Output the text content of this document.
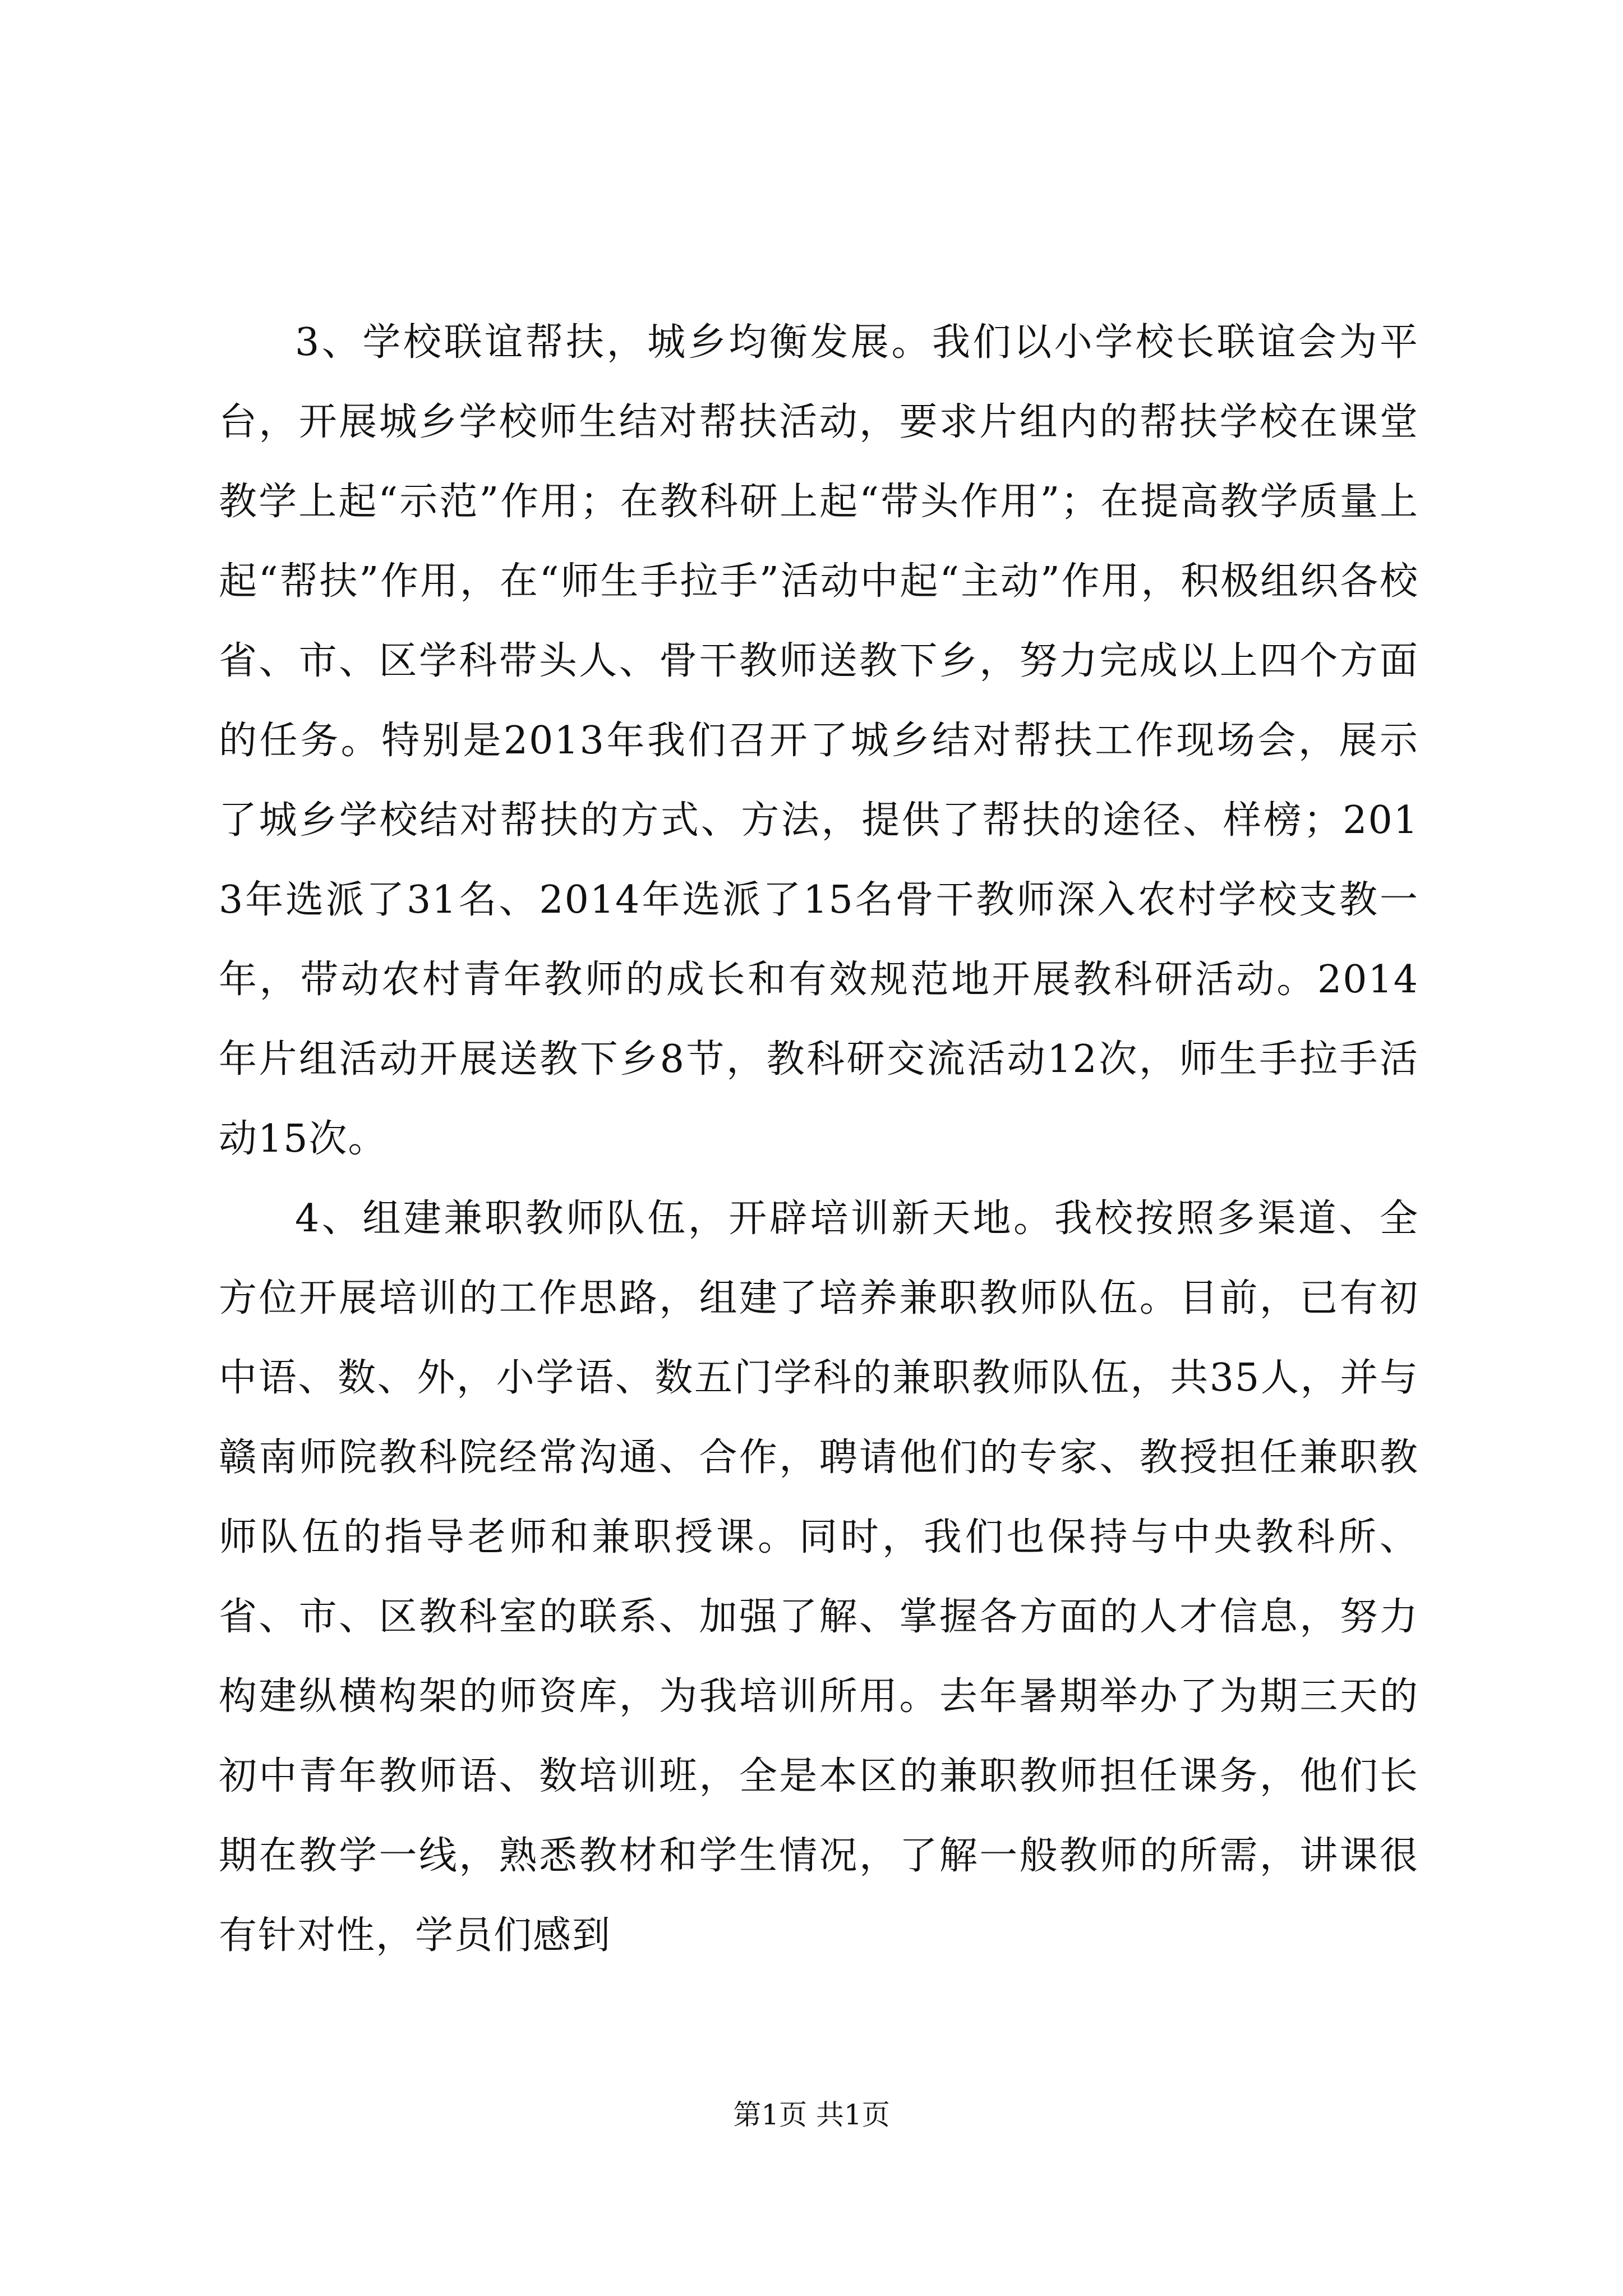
3、学校联谊帮扶，城乡均衡发展。我们以小学校长联谊会为平台，开展城乡学校师生结对帮扶活动，要求片组内的帮扶学校在课堂教学上起“示范”作用；在教科研上起“带头作用”；在提高教学质量上起“帮扶”作用，在“师生手拉手”活动中起“主动”作用，积极组织各校省、市、区学科带头人、骨干教师送教下乡，努力完成以上四个方面的任务。特别是2013年我们召开了城乡结对帮扶工作现场会，展示了城乡学校结对帮扶的方式、方法，提供了帮扶的途径、样榜；2013年选派了31名、2014年选派了15名骨干教师深入农村学校支教一年，带动农村青年教师的成长和有效规范地开展教科研活动。2014年片组活动开展送教下乡8节，教科研交流活动12次，师生手拉手活动15次。

4、组建兼职教师队伍，开辟培训新天地。我校按照多渠道、全方位开展培训的工作思路，组建了培养兼职教师队伍。目前，已有初中语、数、外，小学语、数五门学科的兼职教师队伍，共35人，并与赣南师院教科院经常沟通、合作，聘请他们的专家、教授担任兼职教师队伍的指导老师和兼职授课。同时，我们也保持与中央教科所、省、市、区教科室的联系、加强了解、掌握各方面的人才信息，努力构建纵横构架的师资库，为我培训所用。去年暑期举办了为期三天的初中青年教师语、数培训班，全是本区的兼职教师担任课务，他们长期在教学一线，熟悉教材和学生情况，了解一般教师的所需，讲课很有针对性，学员们感到

第1页 共1页
